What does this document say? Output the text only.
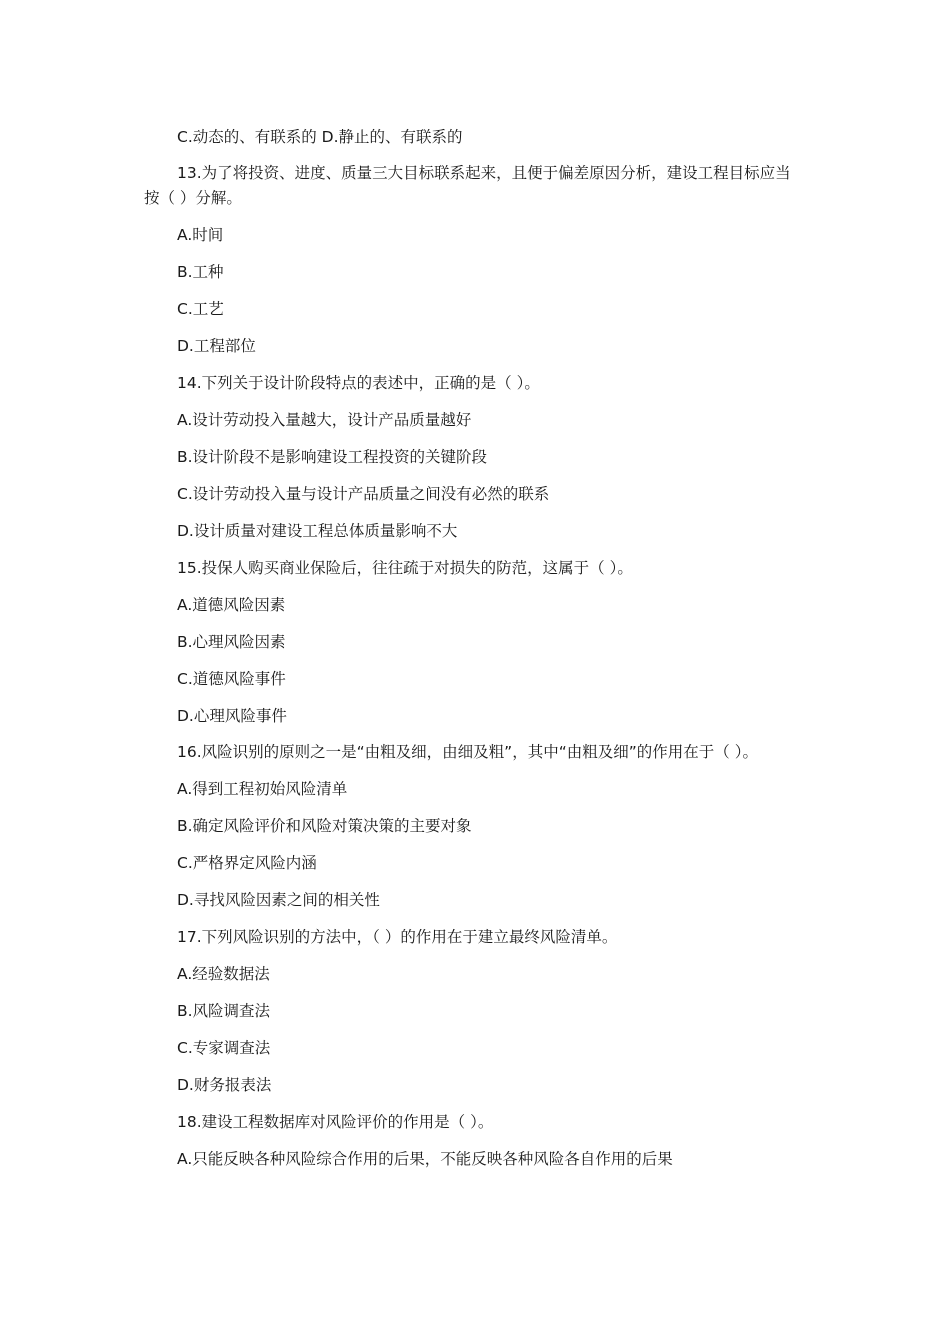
C.动态的、有联系的 D.静止的、有联系的

13.为了将投资、进度、质量三大目标联系起来，且便于偏差原因分析，建设工程目标应当按（ ）分解。

A.时间

B.工种

C.工艺

D.工程部位

14.下列关于设计阶段特点的表述中，正确的是（ ）。

A.设计劳动投入量越大，设计产品质量越好

B.设计阶段不是影响建设工程投资的关键阶段

C.设计劳动投入量与设计产品质量之间没有必然的联系

D.设计质量对建设工程总体质量影响不大

15.投保人购买商业保险后，往往疏于对损失的防范，这属于（ ）。

A.道德风险因素

B.心理风险因素

C.道德风险事件

D.心理风险事件

16.风险识别的原则之一是“由粗及细，由细及粗”，其中“由粗及细”的作用在于（ ）。

A.得到工程初始风险清单

B.确定风险评价和风险对策决策的主要对象

C.严格界定风险内涵

D.寻找风险因素之间的相关性

17.下列风险识别的方法中，（ ）的作用在于建立最终风险清单。

A.经验数据法

B.风险调查法

C.专家调查法

D.财务报表法

18.建设工程数据库对风险评价的作用是（ ）。

A.只能反映各种风险综合作用的后果，不能反映各种风险各自作用的后果
